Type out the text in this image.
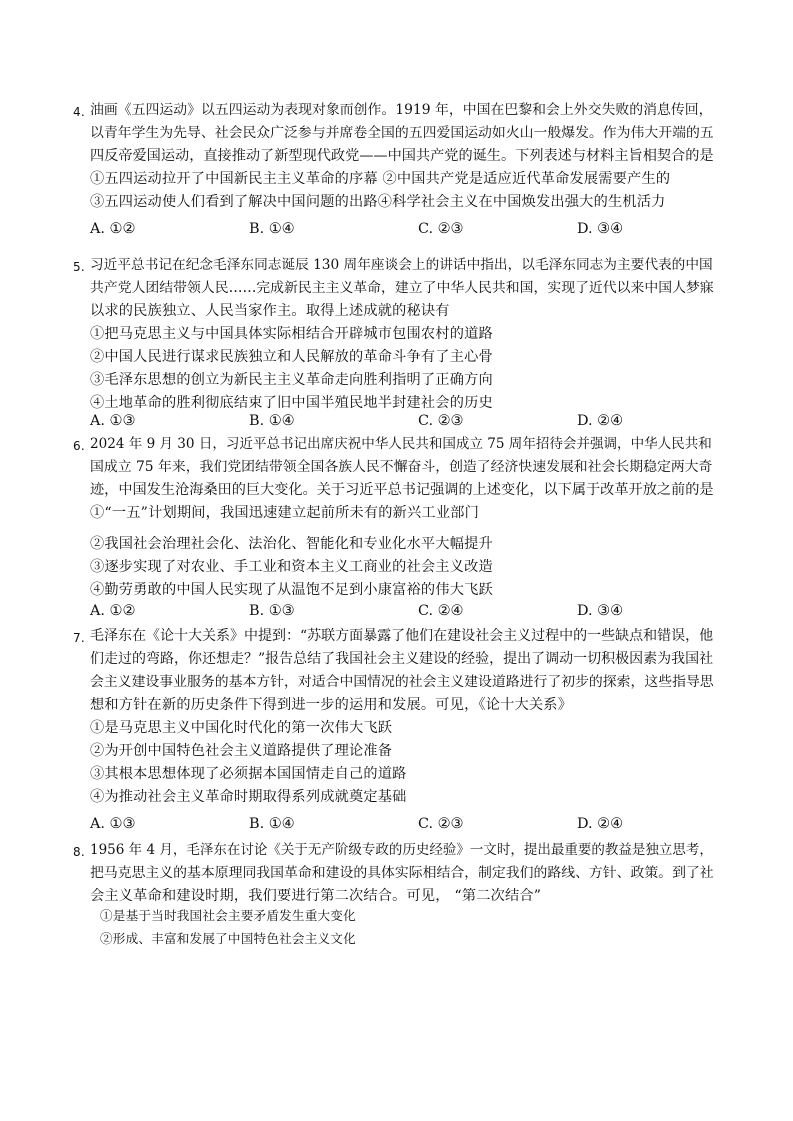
4. 油画《五四运动》以五四运动为表现对象而创作。1919 年，中国在巴黎和会上外交失败的消息传回，
以青年学生为先导、社会民众广泛参与并席卷全国的五四爱国运动如火山一般爆发。作为伟大开端的五
四反帝爱国运动，直接推动了新型现代政党——中国共产党的诞生。下列表述与材料主旨相契合的是
①五四运动拉开了中国新民主主义革命的序幕 ②中国共产党是适应近代革命发展需要产生的
③五四运动使人们看到了解决中国问题的出路④科学社会主义在中国焕发出强大的生机活力
A. ①②	B. ①④	C. ②③	D. ③④
5. 习近平总书记在纪念毛泽东同志诞辰 130 周年座谈会上的讲话中指出，以毛泽东同志为主要代表的中国
共产党人团结带领人民……完成新民主主义革命，建立了中华人民共和国，实现了近代以来中国人梦寐
以求的民族独立、人民当家作主。取得上述成就的秘诀有
①把马克思主义与中国具体实际相结合开辟城市包围农村的道路
②中国人民进行谋求民族独立和人民解放的革命斗争有了主心骨
③毛泽东思想的创立为新民主主义革命走向胜利指明了正确方向
④土地革命的胜利彻底结束了旧中国半殖民地半封建社会的历史
A. ①③	B. ①④	C. ②③	D. ②④
6. 2024 年 9 月 30 日，习近平总书记出席庆祝中华人民共和国成立 75 周年招待会并强调，中华人民共和
国成立 75 年来，我们党团结带领全国各族人民不懈奋斗，创造了经济快速发展和社会长期稳定两大奇
迹，中国发生沧海桑田的巨大变化。关于习近平总书记强调的上述变化，以下属于改革开放之前的是
①“一五”计划期间，我国迅速建立起前所未有的新兴工业部门
②我国社会治理社会化、法治化、智能化和专业化水平大幅提升
③逐步实现了对农业、手工业和资本主义工商业的社会主义改造
④勤劳勇敢的中国人民实现了从温饱不足到小康富裕的伟大飞跃
A. ①②	B. ①③	C. ②④	D. ③④
7. 毛泽东在《论十大关系》中提到：“苏联方面暴露了他们在建设社会主义过程中的一些缺点和错误，他
们走过的弯路，你还想走？”报告总结了我国社会主义建设的经验，提出了调动一切积极因素为我国社
会主义建设事业服务的基本方针，对适合中国情况的社会主义建设道路进行了初步的探索，这些指导思
想和方针在新的历史条件下得到进一步的运用和发展。可见，《论十大关系》
①是马克思主义中国化时代化的第一次伟大飞跃
②为开创中国特色社会主义道路提供了理论准备
③其根本思想体现了必须据本国国情走自己的道路
④为推动社会主义革命时期取得系列成就奠定基础
A. ①③	B. ①④	C. ②③	D. ②④
8. 1956 年 4 月，毛泽东在讨论《关于无产阶级专政的历史经验》一文时，提出最重要的教益是独立思考，
把马克思主义的基本原理同我国革命和建设的具体实际相结合，制定我们的路线、方针、政策。到了社
会主义革命和建设时期，我们要进行第二次结合。可见， “第二次结合”
①是基于当时我国社会主要矛盾发生重大变化
②形成、丰富和发展了中国特色社会主义文化
